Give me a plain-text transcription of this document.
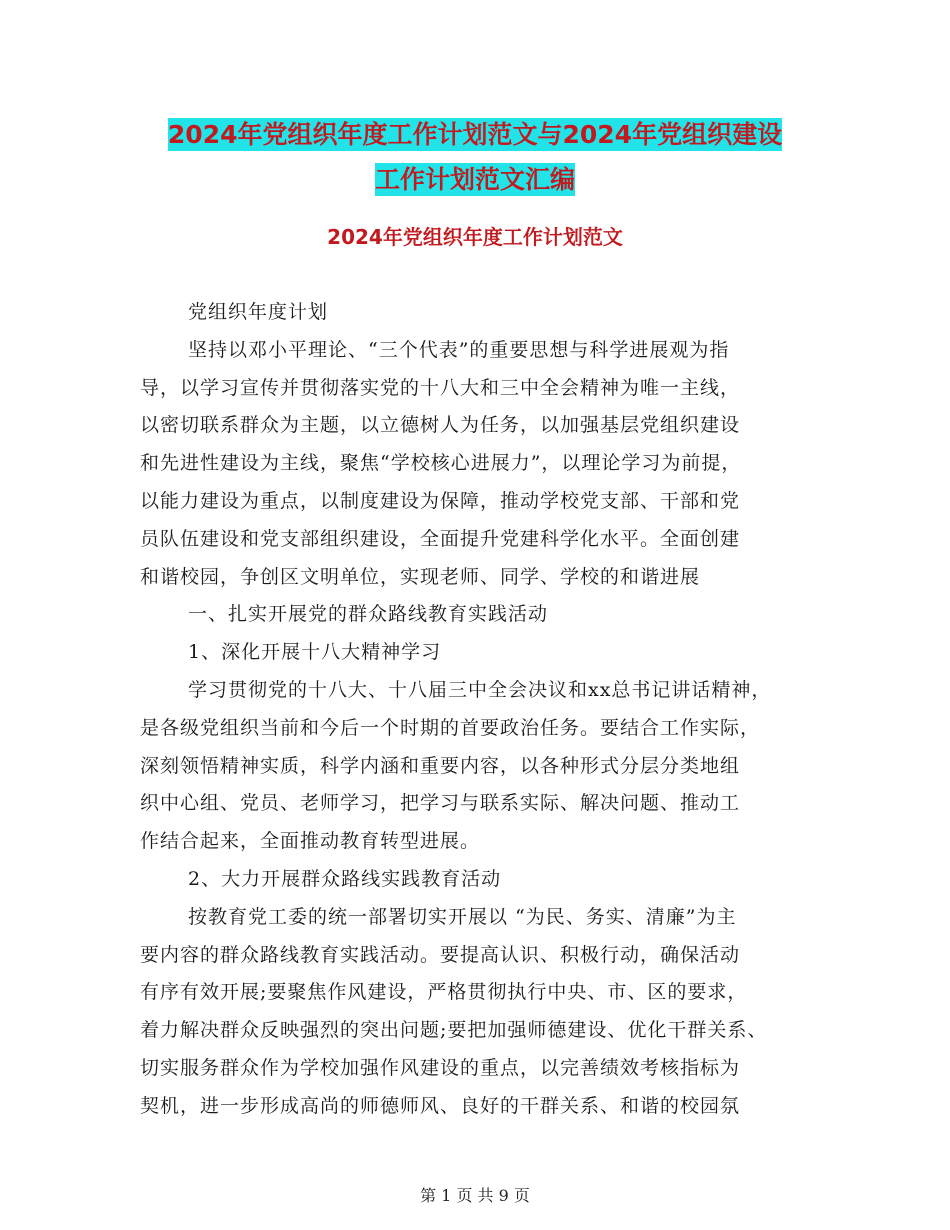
2024年党组织年度工作计划范文与2024年党组织建设
工作计划范文汇编
2024年党组织年度工作计划范文
党组织年度计划
坚持以邓小平理论、“三个代表”的重要思想与科学进展观为指
导，以学习宣传并贯彻落实党的十八大和三中全会精神为唯一主线，
以密切联系群众为主题，以立德树人为任务，以加强基层党组织建设
和先进性建设为主线，聚焦“学校核心进展力”，以理论学习为前提，
以能力建设为重点，以制度建设为保障，推动学校党支部、干部和党
员队伍建设和党支部组织建设，全面提升党建科学化水平。全面创建
和谐校园，争创区文明单位，实现老师、同学、学校的和谐进展
一、扎实开展党的群众路线教育实践活动
1、深化开展十八大精神学习
学习贯彻党的十八大、十八届三中全会决议和xx总书记讲话精神，
是各级党组织当前和今后一个时期的首要政治任务。要结合工作实际，
深刻领悟精神实质，科学内涵和重要内容，以各种形式分层分类地组
织中心组、党员、老师学习，把学习与联系实际、解决问题、推动工
作结合起来，全面推动教育转型进展。
2、大力开展群众路线实践教育活动
按教育党工委的统一部署切实开展以 “为民、务实、清廉”为主
要内容的群众路线教育实践活动。要提高认识、积极行动，确保活动
有序有效开展;要聚焦作风建设，严格贯彻执行中央、市、区的要求，
着力解决群众反映强烈的突出问题;要把加强师德建设、优化干群关系、
切实服务群众作为学校加强作风建设的重点，以完善绩效考核指标为
契机，进一步形成高尚的师德师风、良好的干群关系、和谐的校园氛
第 1 页 共 9 页
